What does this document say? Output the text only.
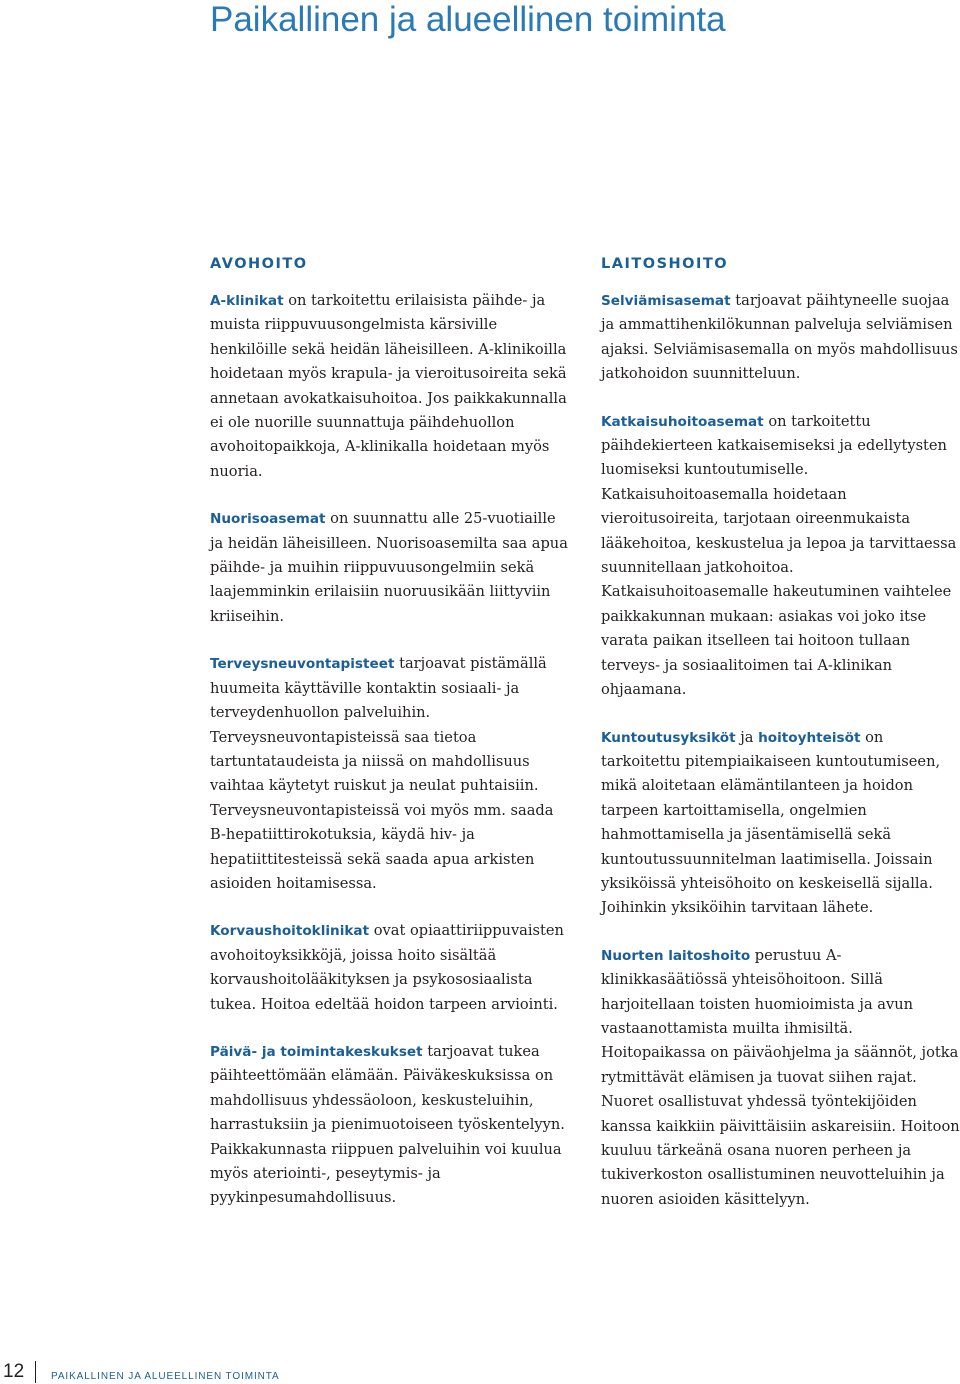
Paikallinen ja alueellinen toiminta
AVOHOITO

A-klinikat on tarkoitettu erilaisista päihde- ja muista riippuvuusongelmista kärsiville henkilöille sekä heidän läheisilleen. A-klinikoilla hoidetaan myös krapula- ja vieroitusoireita sekä annetaan avokatkaisuhoitoa. Jos paikkakunnalla ei ole nuorille suunnattuja päihdehuollon avohoitopaikkoja, A-klinikalla hoidetaan myös nuoria.

Nuorisoasemat on suunnattu alle 25-vuotiaille ja heidän läheisilleen. Nuorisoasemilta saa apua päihde- ja muihin riippuvuusongelmiin sekä laajemminkin erilaisiin nuoruusikään liittyviin kriiseihin.

Terveysneuvontapisteet tarjoavat pistämällä huumeita käyttäville kontaktin sosiaali- ja terveydenhuollon palveluihin. Terveysneuvontapisteissä saa tietoa tartuntataudeista ja niissä on mahdollisuus vaihtaa käytetyt ruiskut ja neulat puhtaisiin. Terveysneuvontapisteissä voi myös mm. saada B-hepatiittirokotuksia, käydä hiv- ja hepatiittitesteissä sekä saada apua arkisten asioiden hoitamisessa.

Korvaushoitoklinikat ovat opiaattiriippuvaisten avohoitoyksikköjä, joissa hoito sisältää korvaushoitolääkityksen ja psykososiaalista tukea. Hoitoa edeltää hoidon tarpeen arviointi.

Päivä- ja toimintakeskukset tarjoavat tukea päihteettömään elämään. Päiväkeskuksissa on mahdollisuus yhdessäoloon, keskusteluihin, harrastuksiin ja pienimuotoiseen työskentelyyn. Paikkakunnasta riippuen palveluihin voi kuulua myös ateriointi-, peseytymis- ja pyykinpesumahdollisuus.

LAITOSHOITO

Selviämisasemat tarjoavat päihtyneelle suojaa ja ammattihenkilökunnan palveluja selviämisen ajaksi. Selviämisasemalla on myös mahdollisuus jatkohoidon suunnitteluun.

Katkaisuhoitoasemat on tarkoitettu päihdekierteen katkaisemiseksi ja edellytysten luomiseksi kuntoutumiselle. Katkaisuhoitoasemalla hoidetaan vieroitusoireita, tarjotaan oireenmukaista lääkehoitoa, keskustelua ja lepoa ja tarvittaessa suunnitellaan jatkohoitoa. Katkaisuhoitoasemalle hakeutuminen vaihtelee paikkakunnan mukaan: asiakas voi joko itse varata paikan itselleen tai hoitoon tullaan terveys- ja sosiaalitoimen tai A-klinikan ohjaamana.

Kuntoutusyksiköt ja hoitoyhteisöt on tarkoitettu pitempiaikaiseen kuntoutumiseen, mikä aloitetaan elämäntilanteen ja hoidon tarpeen kartoittamisella, ongelmien hahmottamisella ja jäsentämisellä sekä kuntoutussuunnitelman laatimisella. Joissain yksiköissä yhteisöhoito on keskeisellä sijalla. Joihinkin yksiköihin tarvitaan lähete.

Nuorten laitoshoito perustuu A-klinikkasäätiössä yhteisöhoitoon. Sillä harjoitellaan toisten huomioimista ja avun vastaanottamista muilta ihmisiltä. Hoitopaikassa on päiväohjelma ja säännöt, jotka rytmittävät elämisen ja tuovat siihen rajat. Nuoret osallistuvat yhdessä työntekijöiden kanssa kaikkiin päivittäisiin askareisiin. Hoitoon kuuluu tärkeänä osana nuoren perheen ja tukiverkoston osallistuminen neuvotteluihin ja nuoren asioiden käsittelyyn.

12	PAIKALLINEN JA ALUEELLINEN TOIMINTA
